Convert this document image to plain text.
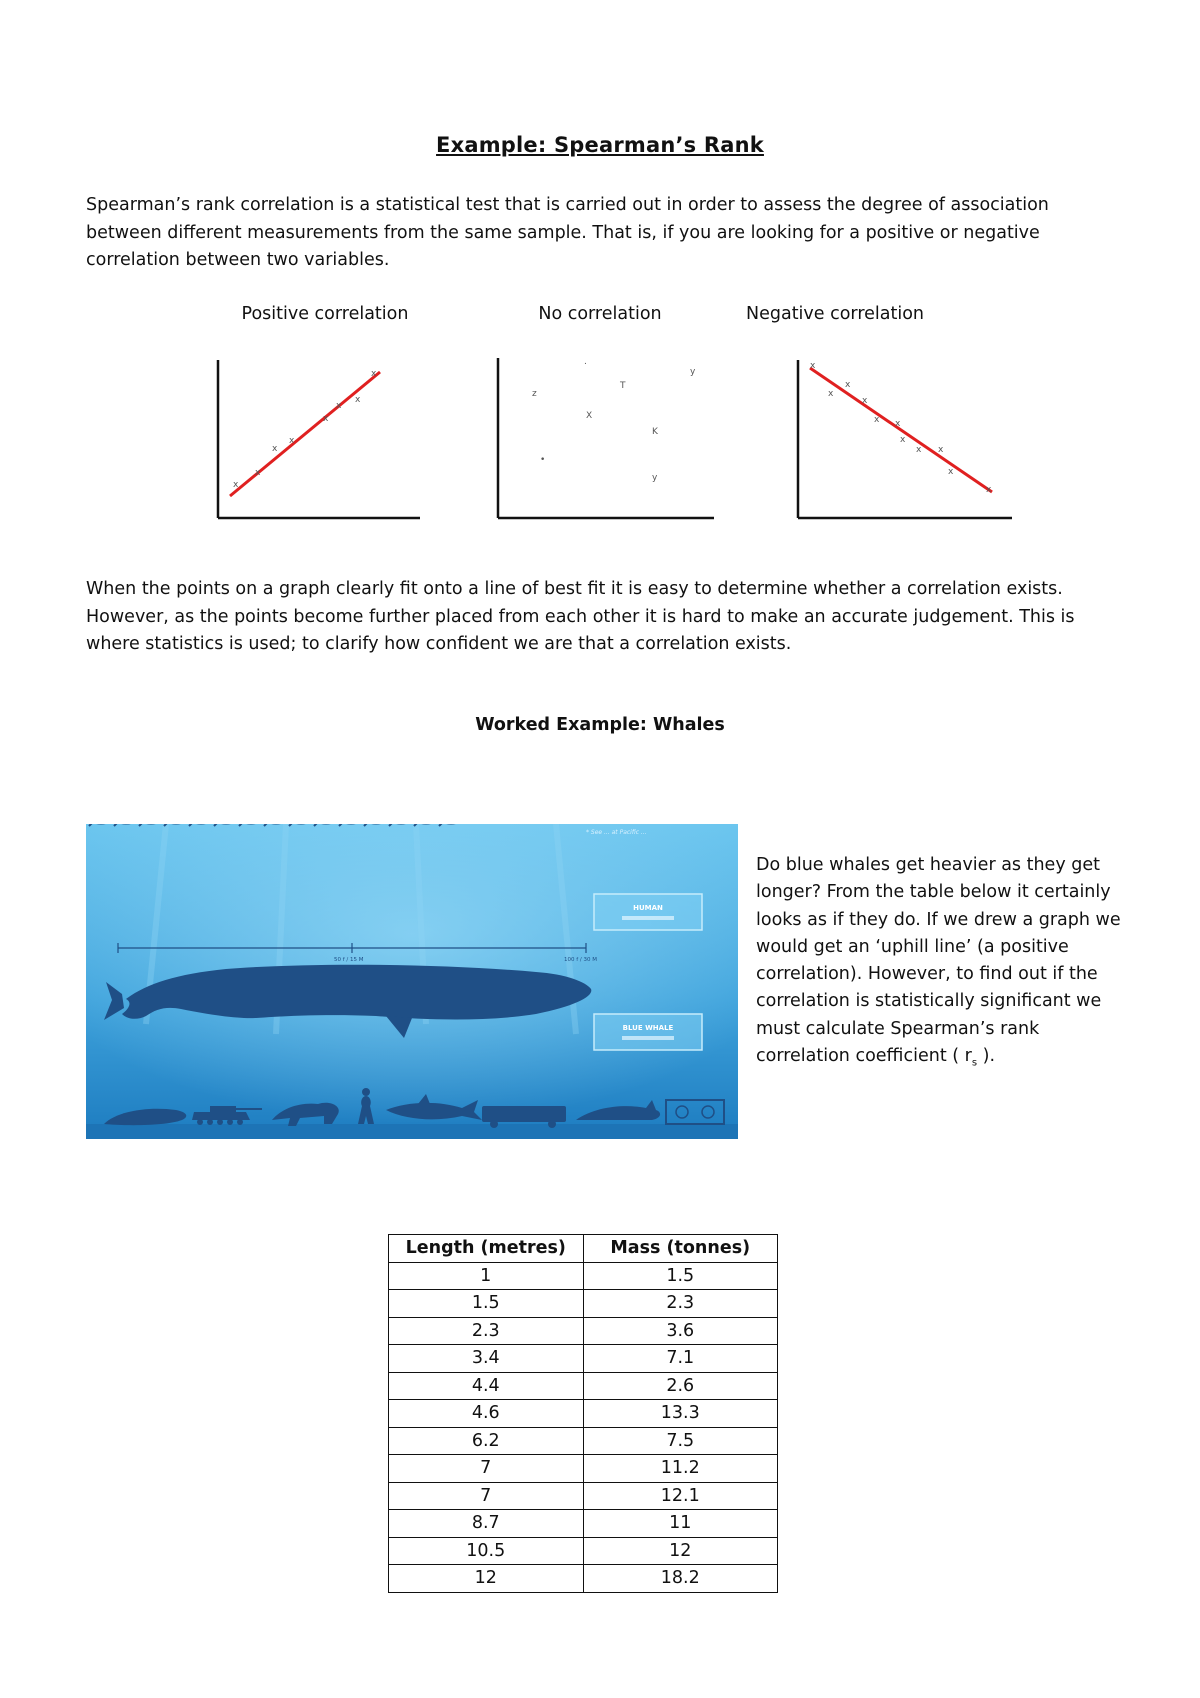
Example: Spearman’s Rank

Spearman’s rank correlation is a statistical test that is carried out in order to assess the degree of association between different measurements from the same sample. That is, if you are looking for a positive or negative correlation between two variables.

Positive correlation	No correlation	Negative correlation
x
x
x
x
x
x
x
x
.
y
T
z
X
K
•
y
x
x
x
x
x x
x
x x
x
x

When the points on a graph clearly fit onto a line of best fit it is easy to determine whether a correlation exists. However, as the points become further placed from each other it is hard to make an accurate judgement. This is where statistics is used; to clarify how confident we are that a correlation exists.

Worked Example: Whales
* See ... at Pacific ...
50 f / 15 M	100 f / 30 M
HUMAN
BLUE WHALE

Do blue whales get heavier as they get longer? From the table below it certainly looks as if they do. If we drew a graph we would get an ‘uphill line’ (a positive correlation). However, to find out if the correlation is statistically significant we must calculate Spearman’s rank correlation coefficient ( $r_s$ ).

Length (metres)	Mass (tonnes)
1	1.5
1.5	2.3
2.3	3.6
3.4	7.1
4.4	2.6
4.6	13.3
6.2	7.5
7	11.2
7	12.1
8.7	11
10.5	12
12	18.2
